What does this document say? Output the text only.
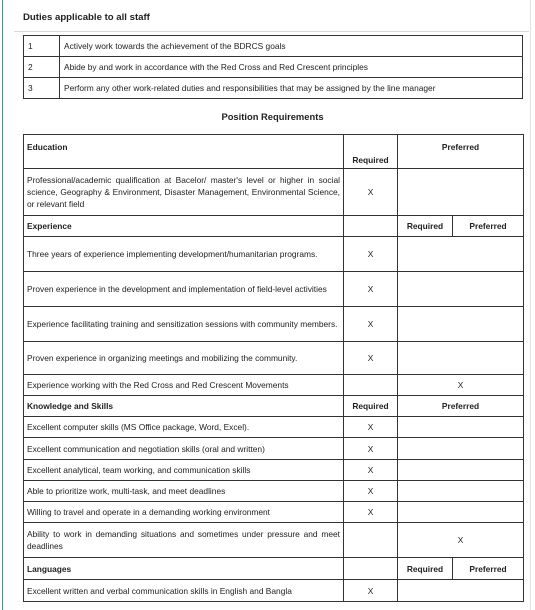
Duties applicable to all staff
1	Actively work towards the achievement of the BDRCS goals
2	Abide by and work in accordance with the Red Cross and Red Crescent principles
3	Perform any other work-related duties and responsibilities that may be assigned by the line manager
Position Requirements
Education	Required	Preferred	
Professional/academic qualification at Bacelor/ master's level or higher in social science, Geography & Environment, Disaster Management, Environmental Science, or relevant field	X		
Experience		Required	Preferred
Three years of experience implementing development/humanitarian programs.	X		
Proven experience in the development and implementation of field-level activities	X		
Experience facilitating training and sensitization sessions with community members.	X		
Proven experience in organizing meetings and mobilizing the community.	X		
Experience working with the Red Cross and Red Crescent Movements		X	
Knowledge and Skills	Required	Preferred	
Excellent computer skills (MS Office package, Word, Excel).	X		
Excellent communication and negotiation skills (oral and written)	X		
Excellent analytical, team working, and communication skills	X		
Able to prioritize work, multi-task, and meet deadlines	X		
Willing to travel and operate in a demanding working environment	X		
Ability to work in demanding situations and sometimes under pressure and meet deadlines		X	
Languages		Required	Preferred
Excellent written and verbal communication skills in English and Bangla	X		
